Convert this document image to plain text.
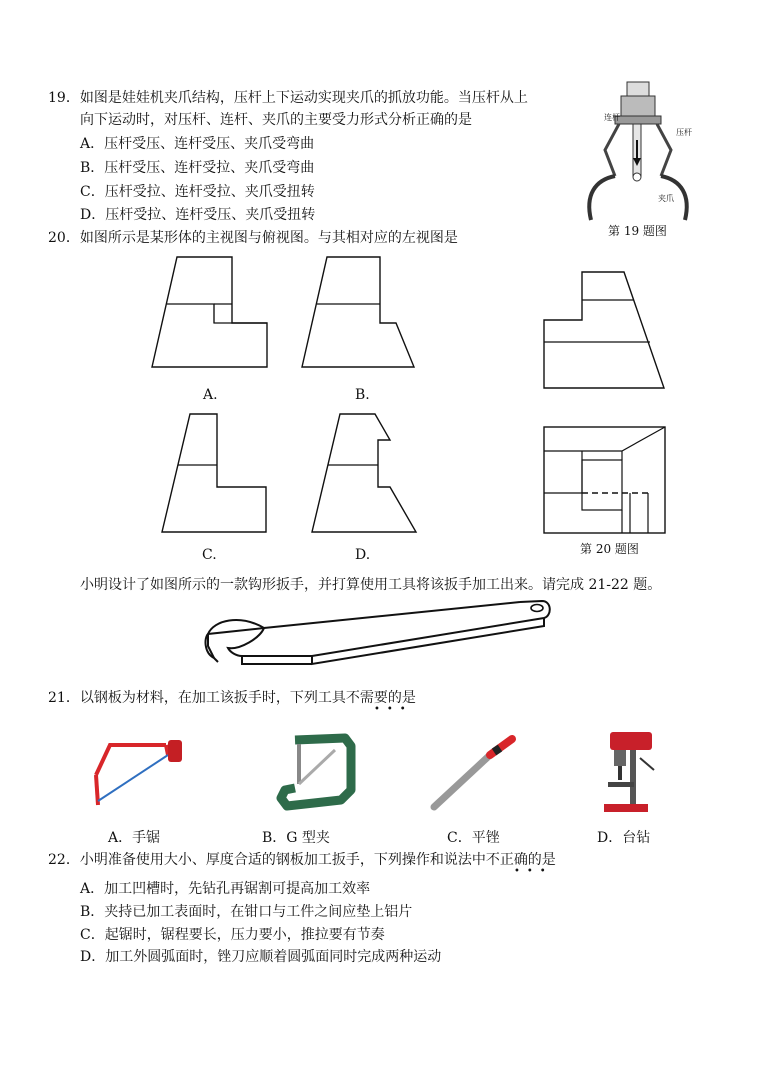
19．如图是娃娃机夹爪结构，压杆上下运动实现夹爪的抓放功能。当压杆从上
向下运动时，对压杆、连杆、夹爪的主要受力形式分析正确的是
A．压杆受压、连杆受压、夹爪受弯曲
B．压杆受压、连杆受拉、夹爪受弯曲
C．压杆受拉、连杆受拉、夹爪受扭转
D．压杆受拉、连杆受压、夹爪受扭转
连杆
压杆
夹爪
第 19 题图
20．如图所示是某形体的主视图与俯视图。与其相对应的左视图是
A.	B.
C.	D.	第 20 题图
小明设计了如图所示的一款钩形扳手，并打算使用工具将该扳手加工出来。请完成 21-22 题。
21．以钢板为材料，在加工该扳手时，下列工具不需要的是
•••
A．手锯	B．G 型夹	C．平锉	D．台钻
22．小明准备使用大小、厚度合适的钢板加工扳手，下列操作和说法中不正确的是
•••
A．加工凹槽时，先钻孔再锯割可提高加工效率
B．夹持已加工表面时，在钳口与工件之间应垫上铝片
C．起锯时，锯程要长，压力要小，推拉要有节奏
D．加工外圆弧面时，锉刀应顺着圆弧面同时完成两种运动
